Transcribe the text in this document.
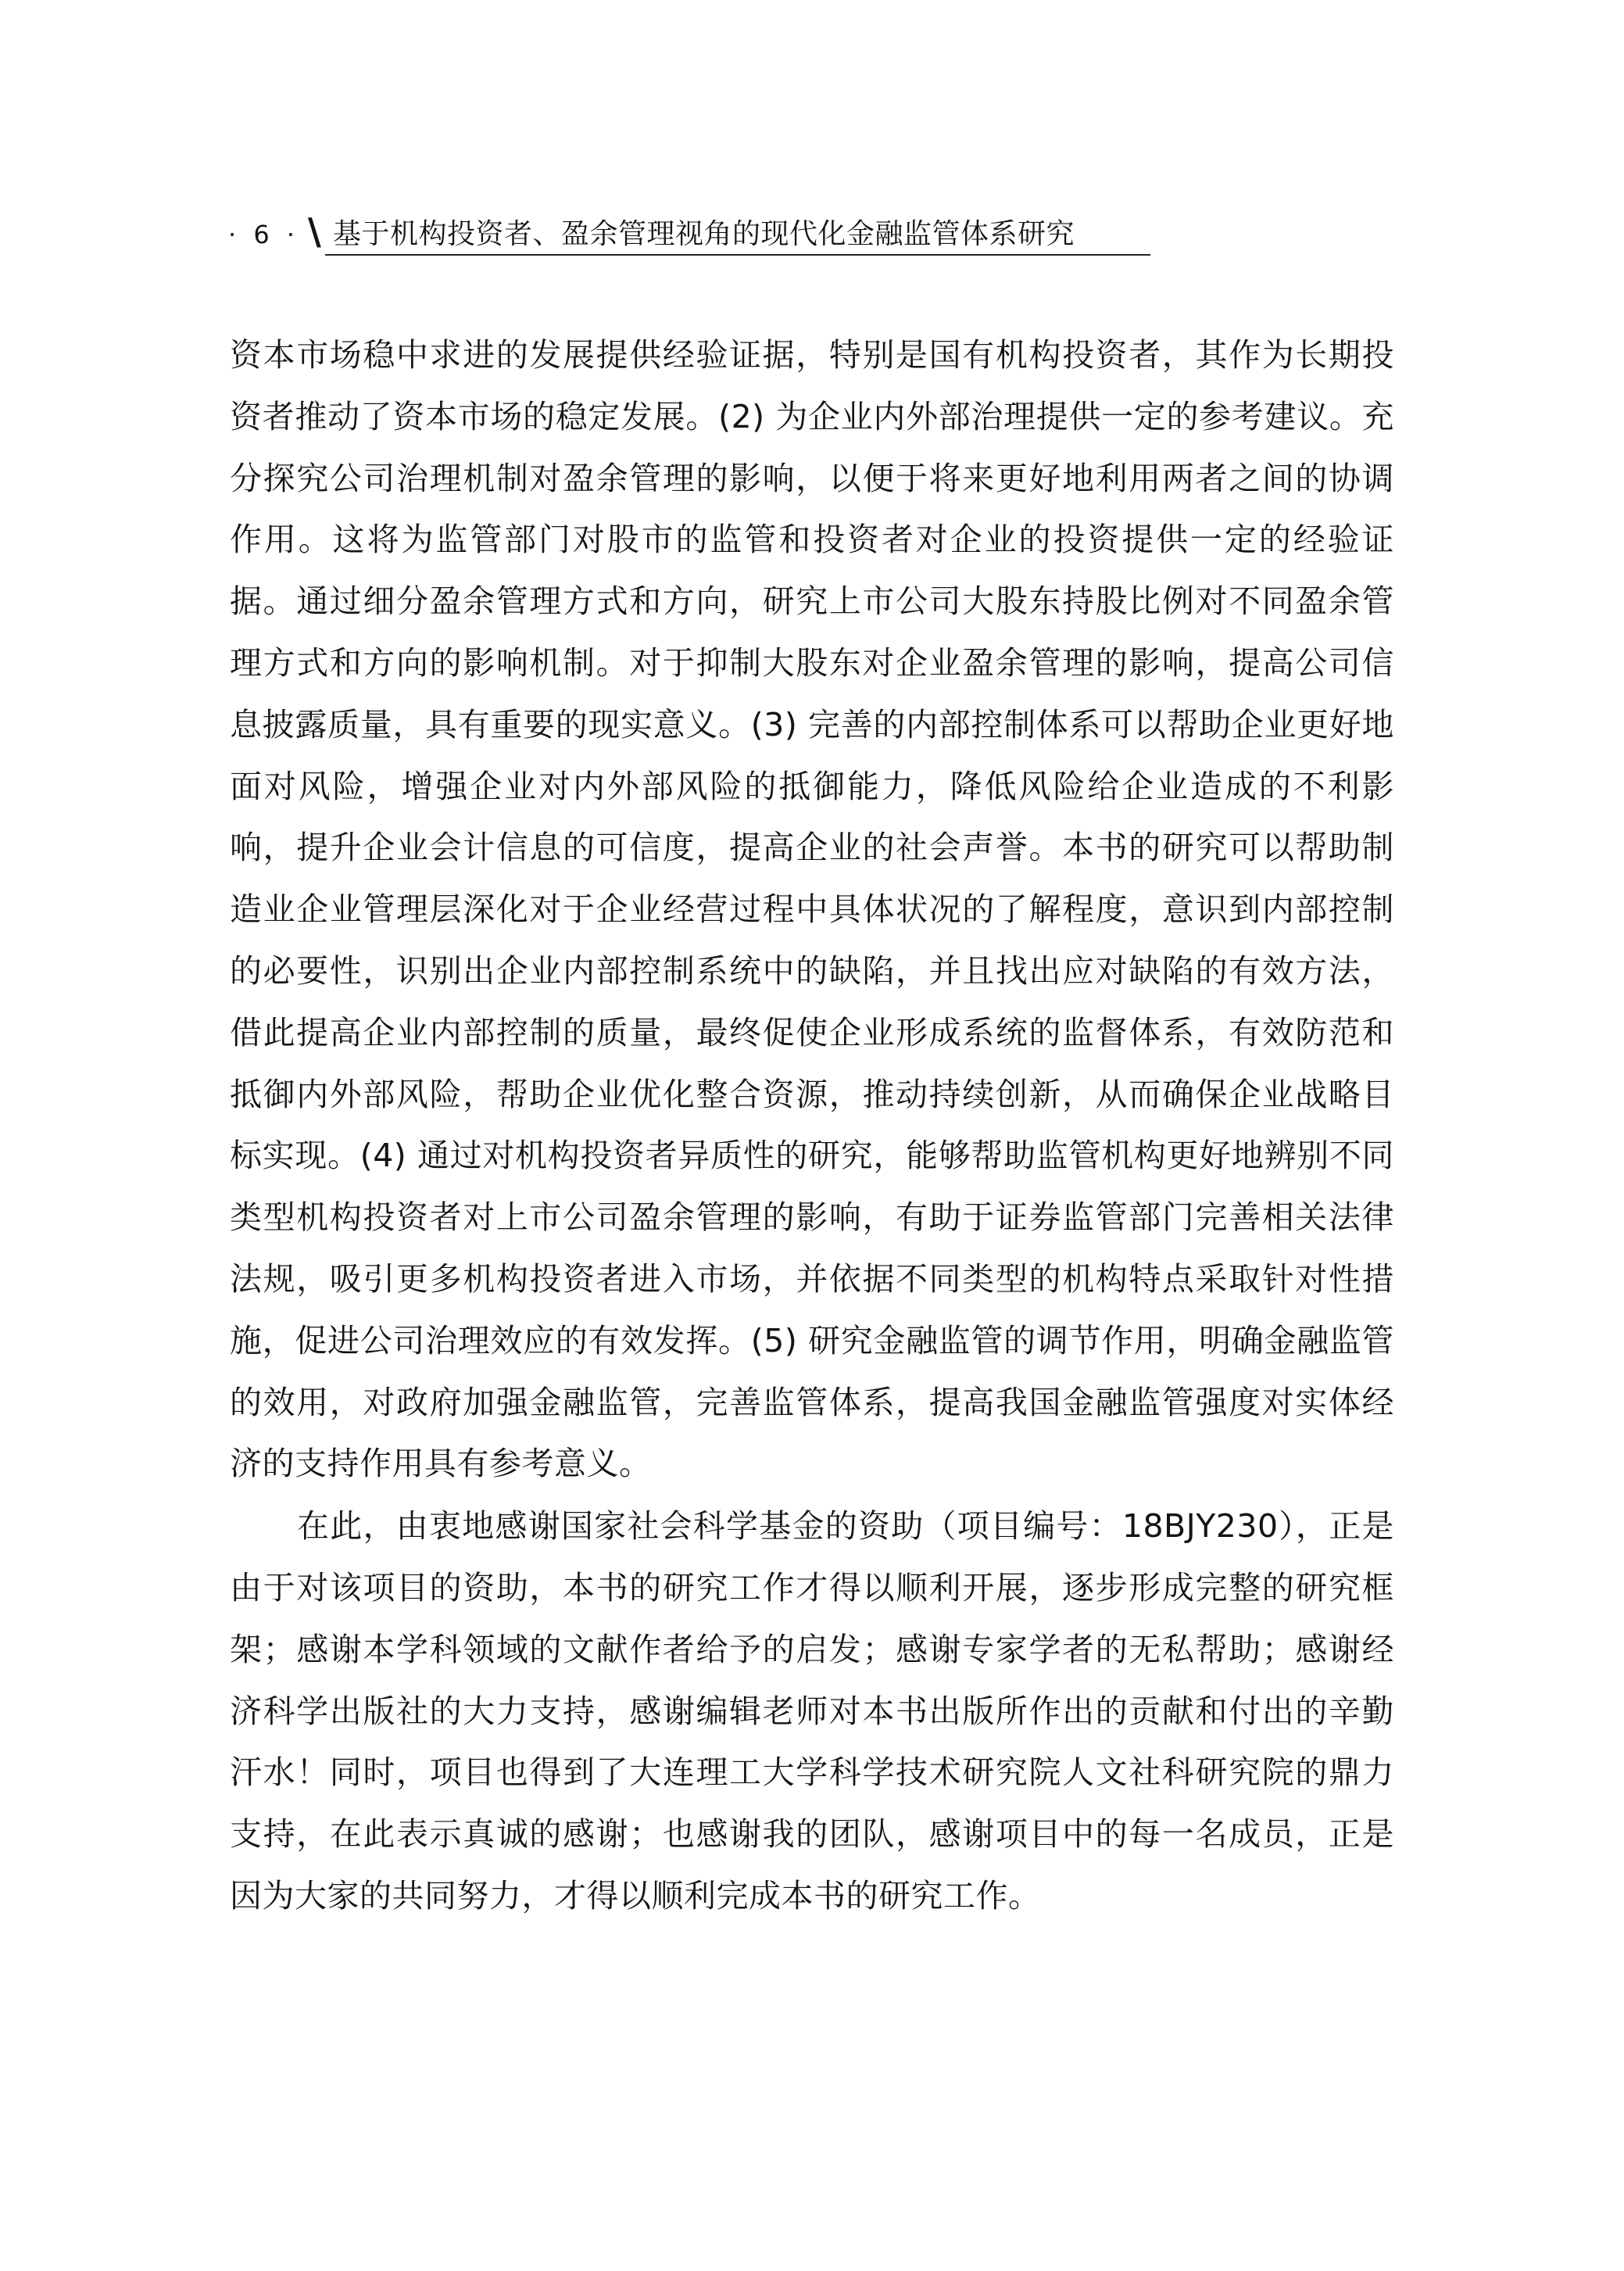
· 6 · \ 基于机构投资者、盈余管理视角的现代化金融监管体系研究

资本市场稳中求进的发展提供经验证据，特别是国有机构投资者，其作为长期投资者推动了资本市场的稳定发展。(2) 为企业内外部治理提供一定的参考建议。充分探究公司治理机制对盈余管理的影响，以便于将来更好地利用两者之间的协调作用。这将为监管部门对股市的监管和投资者对企业的投资提供一定的经验证据。通过细分盈余管理方式和方向，研究上市公司大股东持股比例对不同盈余管理方式和方向的影响机制。对于抑制大股东对企业盈余管理的影响，提高公司信息披露质量，具有重要的现实意义。(3) 完善的内部控制体系可以帮助企业更好地面对风险，增强企业对内外部风险的抵御能力，降低风险给企业造成的不利影响，提升企业会计信息的可信度，提高企业的社会声誉。本书的研究可以帮助制造业企业管理层深化对于企业经营过程中具体状况的了解程度，意识到内部控制的必要性，识别出企业内部控制系统中的缺陷，并且找出应对缺陷的有效方法，借此提高企业内部控制的质量，最终促使企业形成系统的监督体系，有效防范和抵御内外部风险，帮助企业优化整合资源，推动持续创新，从而确保企业战略目标实现。(4) 通过对机构投资者异质性的研究，能够帮助监管机构更好地辨别不同类型机构投资者对上市公司盈余管理的影响，有助于证券监管部门完善相关法律法规，吸引更多机构投资者进入市场，并依据不同类型的机构特点采取针对性措施，促进公司治理效应的有效发挥。(5) 研究金融监管的调节作用，明确金融监管的效用，对政府加强金融监管，完善监管体系，提高我国金融监管强度对实体经济的支持作用具有参考意义。

在此，由衷地感谢国家社会科学基金的资助（项目编号：18BJY230），正是由于对该项目的资助，本书的研究工作才得以顺利开展，逐步形成完整的研究框架；感谢本学科领域的文献作者给予的启发；感谢专家学者的无私帮助；感谢经济科学出版社的大力支持，感谢编辑老师对本书出版所作出的贡献和付出的辛勤汗水！同时，项目也得到了大连理工大学科学技术研究院人文社科研究院的鼎力支持，在此表示真诚的感谢；也感谢我的团队，感谢项目中的每一名成员，正是因为大家的共同努力，才得以顺利完成本书的研究工作。
